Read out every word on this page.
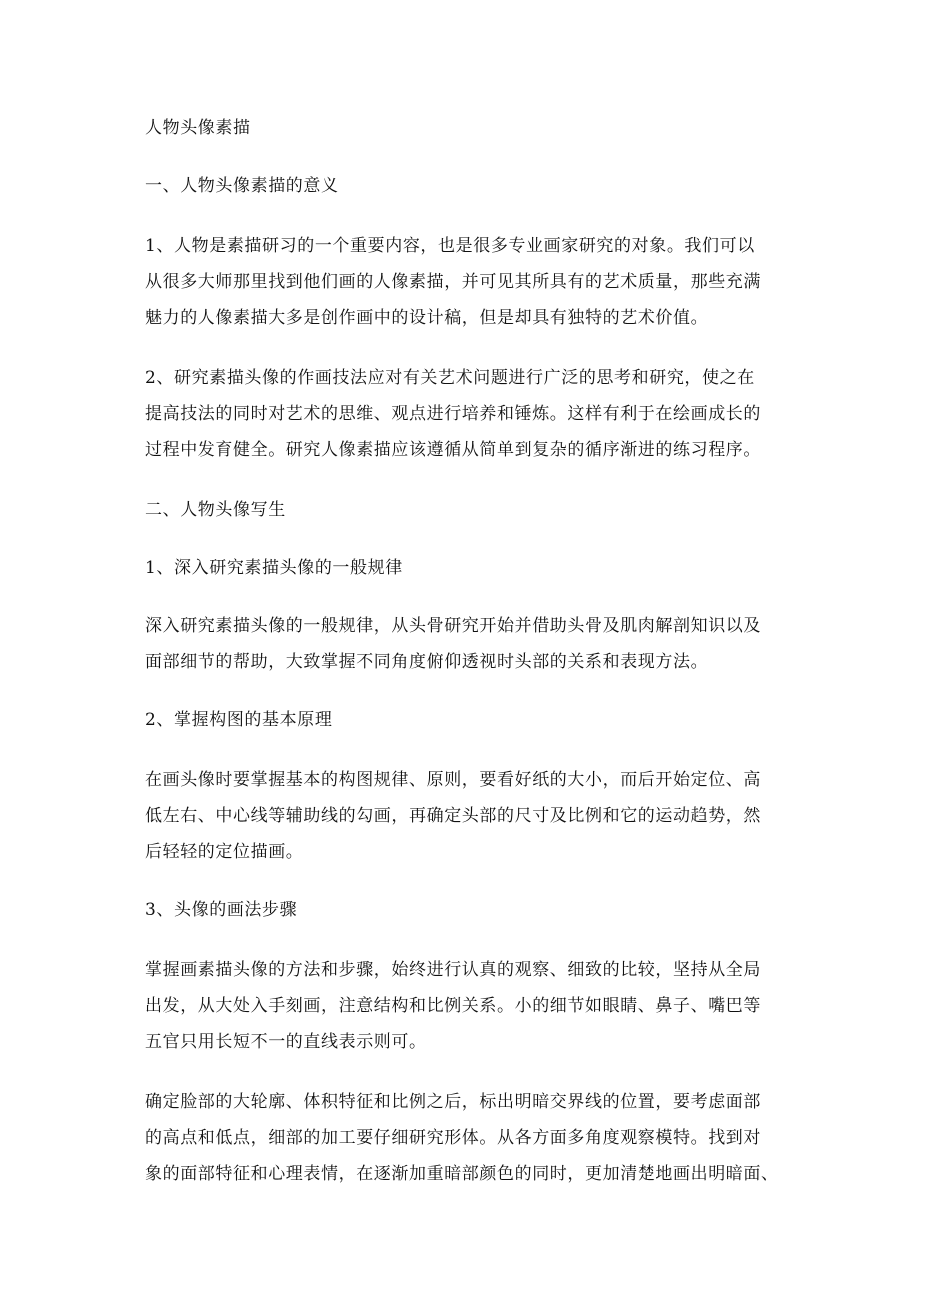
人物头像素描
一、人物头像素描的意义
1、人物是素描研习的一个重要内容，也是很多专业画家研究的对象。我们可以
从很多大师那里找到他们画的人像素描，并可见其所具有的艺术质量，那些充满
魅力的人像素描大多是创作画中的设计稿，但是却具有独特的艺术价值。
2、研究素描头像的作画技法应对有关艺术问题进行广泛的思考和研究，使之在
提高技法的同时对艺术的思维、观点进行培养和锤炼。这样有利于在绘画成长的
过程中发育健全。研究人像素描应该遵循从简单到复杂的循序渐进的练习程序。
二、人物头像写生
1、深入研究素描头像的一般规律
深入研究素描头像的一般规律，从头骨研究开始并借助头骨及肌肉解剖知识以及
面部细节的帮助，大致掌握不同角度俯仰透视时头部的关系和表现方法。
2、掌握构图的基本原理
在画头像时要掌握基本的构图规律、原则，要看好纸的大小，而后开始定位、高
低左右、中心线等辅助线的勾画，再确定头部的尺寸及比例和它的运动趋势，然
后轻轻的定位描画。
3、头像的画法步骤
掌握画素描头像的方法和步骤，始终进行认真的观察、细致的比较，坚持从全局
出发，从大处入手刻画，注意结构和比例关系。小的细节如眼睛、鼻子、嘴巴等
五官只用长短不一的直线表示则可。
确定脸部的大轮廓、体积特征和比例之后，标出明暗交界线的位置，要考虑面部
的高点和低点，细部的加工要仔细研究形体。从各方面多角度观察模特。找到对
象的面部特征和心理表情，在逐渐加重暗部颜色的同时，更加清楚地画出明暗面、
